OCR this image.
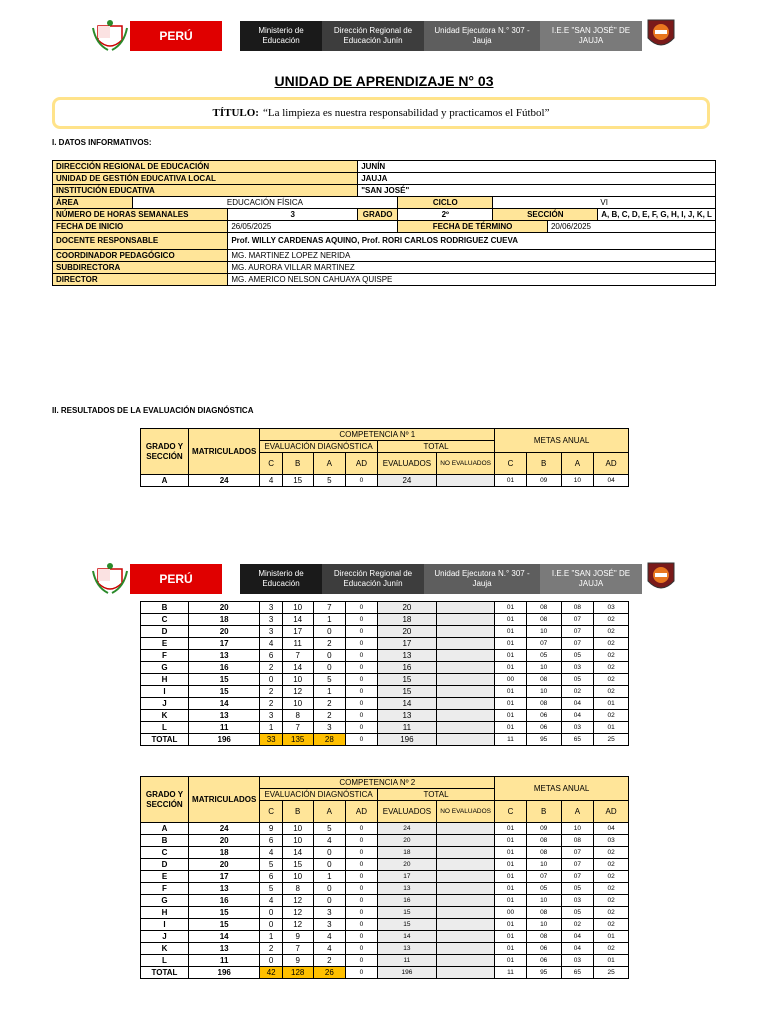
PERÚ	Ministerio de Educación
Dirección Regional de Educación Junín
Unidad Ejecutora N.° 307 - Jauja
I.E.E "SAN JOSÉ" DE JAUJA
UNIDAD DE APRENDIZAJE N° 03
TÍTULO: “La limpieza es nuestra responsabilidad y practicamos el Fútbol”
I. DATOS INFORMATIVOS:
DIRECCIÓN REGIONAL DE EDUCACIÓN			JUNÍN				
UNIDAD DE GESTIÓN EDUCATIVA LOCAL			JAUJA				
INSTITUCIÓN EDUCATIVA			"SAN JOSÉ"				
ÁREA	EDUCACIÓN FÍSICA			CICLO	VI		
NÚMERO DE HORAS SEMANALES		3	GRADO	2º	SECCIÓN		A, B, C, D, E, F, G, H, I, J, K, L
FECHA DE INICIO		26/05/2025		FECHA DE TÉRMINO		20/06/2025	
DOCENTE RESPONSABLE		Prof. WILLY CARDENAS AQUINO, Prof. RORI CARLOS RODRIGUEZ CUEVA					
COORDINADOR PEDAGÓGICO		MG. MARTINEZ LOPEZ NERIDA					
SUBDIRECTORA		MG. AURORA VILLAR MARTINEZ					
DIRECTOR		MG. AMERICO NELSON CAHUAYA QUISPE					
II. RESULTADOS DE LA EVALUACIÓN DIAGNÓSTICA
GRADO Y SECCIÓN	MATRICULADOS	COMPETENCIA Nº 1						METAS ANUAL			
		EVALUACIÓN DIAGNÓSTICA				TOTAL					
		C	B	A	AD	EVALUADOS	NO EVALUADOS	C	B	A	AD
A	24	4	15	5	0	24		01	09	10	04
PERÚ	Ministerio de Educación
Dirección Regional de Educación Junín
Unidad Ejecutora N.° 307 - Jauja
I.E.E "SAN JOSÉ" DE JAUJA
B	20	3	10	7	0	20		01	08	08	03
C	18	3	14	1	0	18		01	08	07	02
D	20	3	17	0	0	20		01	10	07	02
E	17	4	11	2	0	17		01	07	07	02
F	13	6	7	0	0	13		01	05	05	02
G	16	2	14	0	0	16		01	10	03	02
H	15	0	10	5	0	15		00	08	05	02
I	15	2	12	1	0	15		01	10	02	02
J	14	2	10	2	0	14		01	08	04	01
K	13	3	8	2	0	13		01	06	04	02
L	11	1	7	3	0	11		01	06	03	01
TOTAL	196	33	135	28	0	196		11	95	65	25
GRADO Y SECCIÓN	MATRICULADOS	COMPETENCIA Nº 2						METAS ANUAL			
		EVALUACIÓN DIAGNÓSTICA				TOTAL					
		C	B	A	AD	EVALUADOS	NO EVALUADOS	C	B	A	AD
A	24	9	10	5	0	24		01	09	10	04
B	20	6	10	4	0	20		01	08	08	03
C	18	4	14	0	0	18		01	08	07	02
D	20	5	15	0	0	20		01	10	07	02
E	17	6	10	1	0	17		01	07	07	02
F	13	5	8	0	0	13		01	05	05	02
G	16	4	12	0	0	16		01	10	03	02
H	15	0	12	3	0	15		00	08	05	02
I	15	0	12	3	0	15		01	10	02	02
J	14	1	9	4	0	14		01	08	04	01
K	13	2	7	4	0	13		01	06	04	02
L	11	0	9	2	0	11		01	06	03	01
TOTAL	196	42	128	26	0	196		11	95	65	25
